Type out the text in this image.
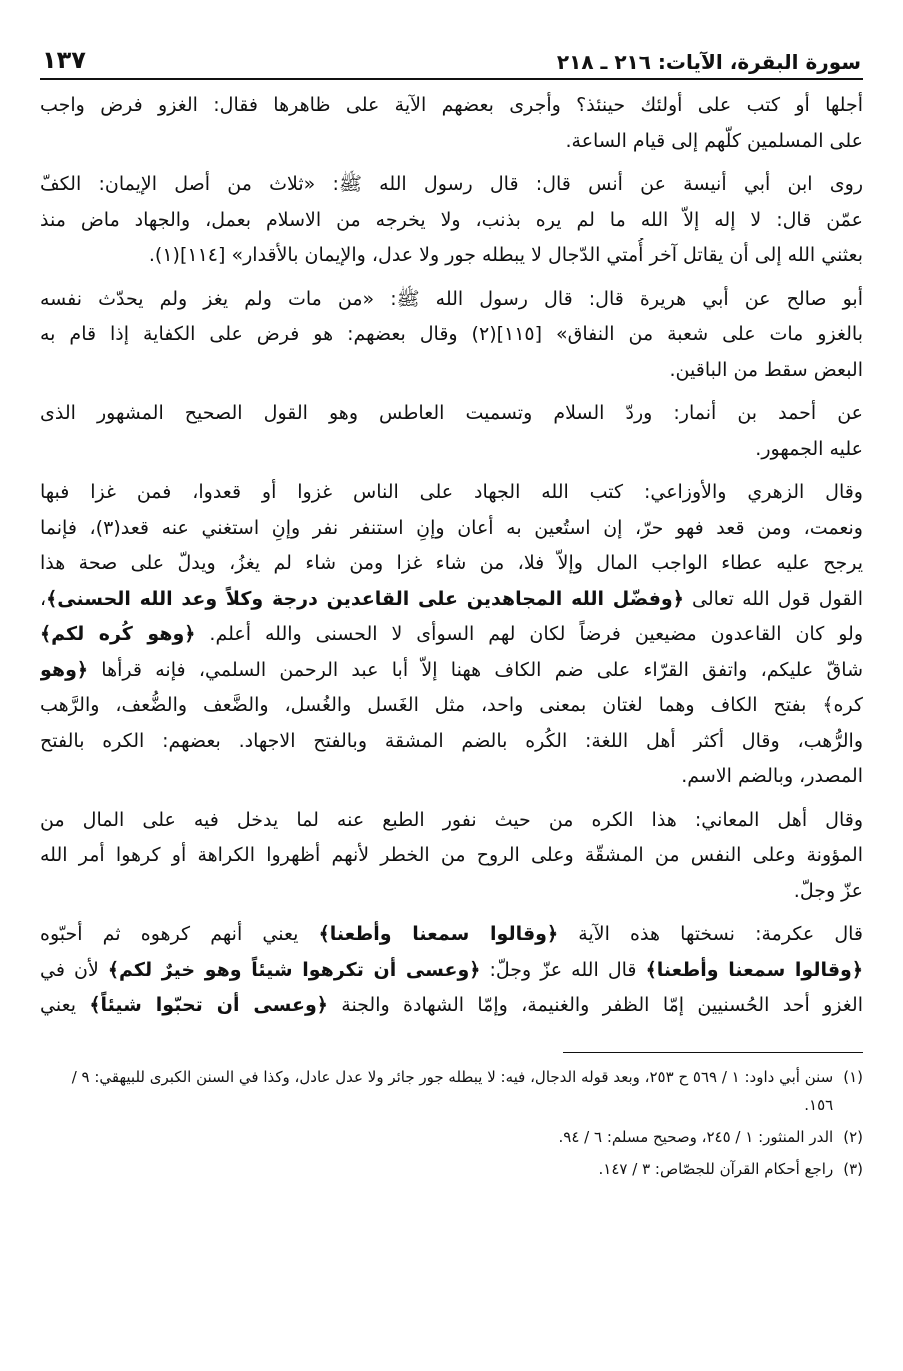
سورة البقرة، الآيات: ٢١٦ ـ ٢١٨
١٣٧
أجلها أو كتب على أولئك حينئذ؟ وأجرى بعضهم الآية على ظاهرها فقال: الغزو فرض واجب
على المسلمين كلّهم إلى قيام الساعة.
روى ابن أبي أنيسة عن أنس قال: قال رسول الله ﷺ: «ثلاث من أصل الإيمان: الكفّ
عمّن قال: لا إله إلاّ الله ما لم يره بذنب، ولا يخرجه من الاسلام بعمل، والجهاد ماض منذ
بعثني الله إلى أن يقاتل آخر أُمتي الدّجال لا يبطله جور ولا عدل، والإيمان بالأقدار» [١١٤](١).
أبو صالح عن أبي هريرة قال: قال رسول الله ﷺ: «من مات ولم يغز ولم يحدّث نفسه
بالغزو مات على شعبة من النفاق» [١١٥](٢) وقال بعضهم: هو فرض على الكفاية إذا قام به
البعض سقط من الباقين.
عن أحمد بن أنمار: وردّ السلام وتسميت العاطس وهو القول الصحيح المشهور الذى
عليه الجمهور.
وقال الزهري والأوزاعي: كتب الله الجهاد على الناس غزوا أو قعدوا، فمن غزا فبها
ونعمت، ومن قعد فهو حرّ، إن استُعين به أعان وإنِ استنفر نفر وإنِ استغني عنه قعد(٣)، فإنما
يرجح عليه عطاء الواجب المال وإلاّ فلا، من شاء غزا ومن شاء لم يغزُ، ويدلّ على صحة هذا
القول قول الله تعالى ﴿وفضّل الله المجاهدين على القاعدين درجة وكلاً وعد الله الحسنى﴾،
ولو كان القاعدون مضيعين فرضاً لكان لهم السوأى لا الحسنى والله أعلم. ﴿وهو كُره لكم﴾
شاقّ عليكم، واتفق القرّاء على ضم الكاف ههنا إلاّ أبا عبد الرحمن السلمي، فإنه قرأها ﴿وهو
كره﴾ بفتح الكاف وهما لغتان بمعنى واحد، مثل الغَسل والغُسل، والضَّعف والضُّعف، والرَّهب
والرُّهب، وقال أكثر أهل اللغة: الكُره بالضم المشقة وبالفتح الاجهاد. بعضهم: الكره بالفتح
المصدر، وبالضم الاسم.
وقال أهل المعاني: هذا الكره من حيث نفور الطبع عنه لما يدخل فيه على المال من
المؤونة وعلى النفس من المشقّة وعلى الروح من الخطر لأنهم أظهروا الكراهة أو كرهوا أمر الله
عزّ وجلّ.
قال عكرمة: نسختها هذه الآية ﴿وقالوا سمعنا وأطعنا﴾ يعني أنهم كرهوه ثم أحبّوه
﴿وقالوا سمعنا وأطعنا﴾ قال الله عزّ وجلّ: ﴿وعسى أن تكرهوا شيئاً وهو خيرٌ لكم﴾ لأن في
الغزو أحد الحُسنيين إمّا الظفر والغنيمة، وإمّا الشهادة والجنة ﴿وعسى أن تحبّوا شيئاً﴾ يعني
(١)
سنن أبي داود: ١ / ٥٦٩ ح ٢٥٣، وبعد قوله الدجال، فيه: لا يبطله جور جائر ولا عدل عادل، وكذا في السنن الكبرى للبيهقي: ٩ / ١٥٦.
(٢)
الدر المنثور: ١ / ٢٤٥، وصحيح مسلم: ٦ / ٩٤.
(٣)
راجع أحكام القرآن للجصّاص: ٣ / ١٤٧.
